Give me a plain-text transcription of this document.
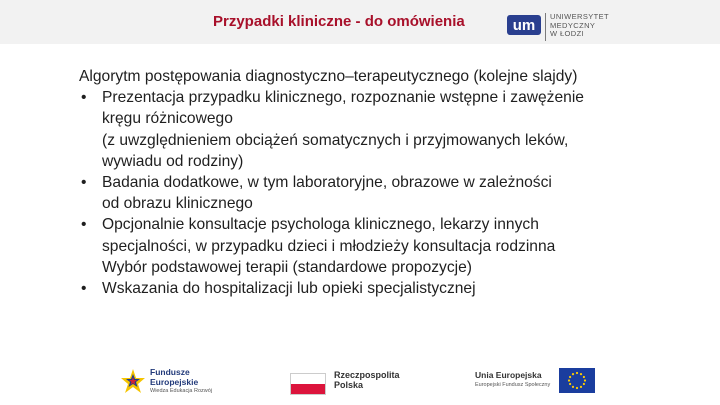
Przypadki kliniczne - do omówienia	um
UNIWERSYTET
MEDYCZNY
W ŁODZI

Algorytm postępowania diagnostyczno–terapeutycznego (kolejne slajdy)

• Prezentacja przypadku klinicznego, rozpoznanie wstępne i zawężenie
kręgu różnicowego
(z uwzględnieniem obciążeń somatycznych i przyjmowanych leków,
wywiadu od rodziny)
• Badania dodatkowe, w tym laboratoryjne, obrazowe w zależności
od obrazu klinicznego
• Opcjonalnie konsultacje psychologa klinicznego, lekarzy innych
specjalności, w przypadku dzieci i młodzieży konsultacja rodzinna
Wybór podstawowej terapii (standardowe propozycje)
• Wskazania do hospitalizacji lub opieki specjalistycznej
Fundusze
Europejskie
Wiedza Edukacja Rozwój
Rzeczpospolita
Polska
Unia Europejska
Europejski Fundusz Społeczny
